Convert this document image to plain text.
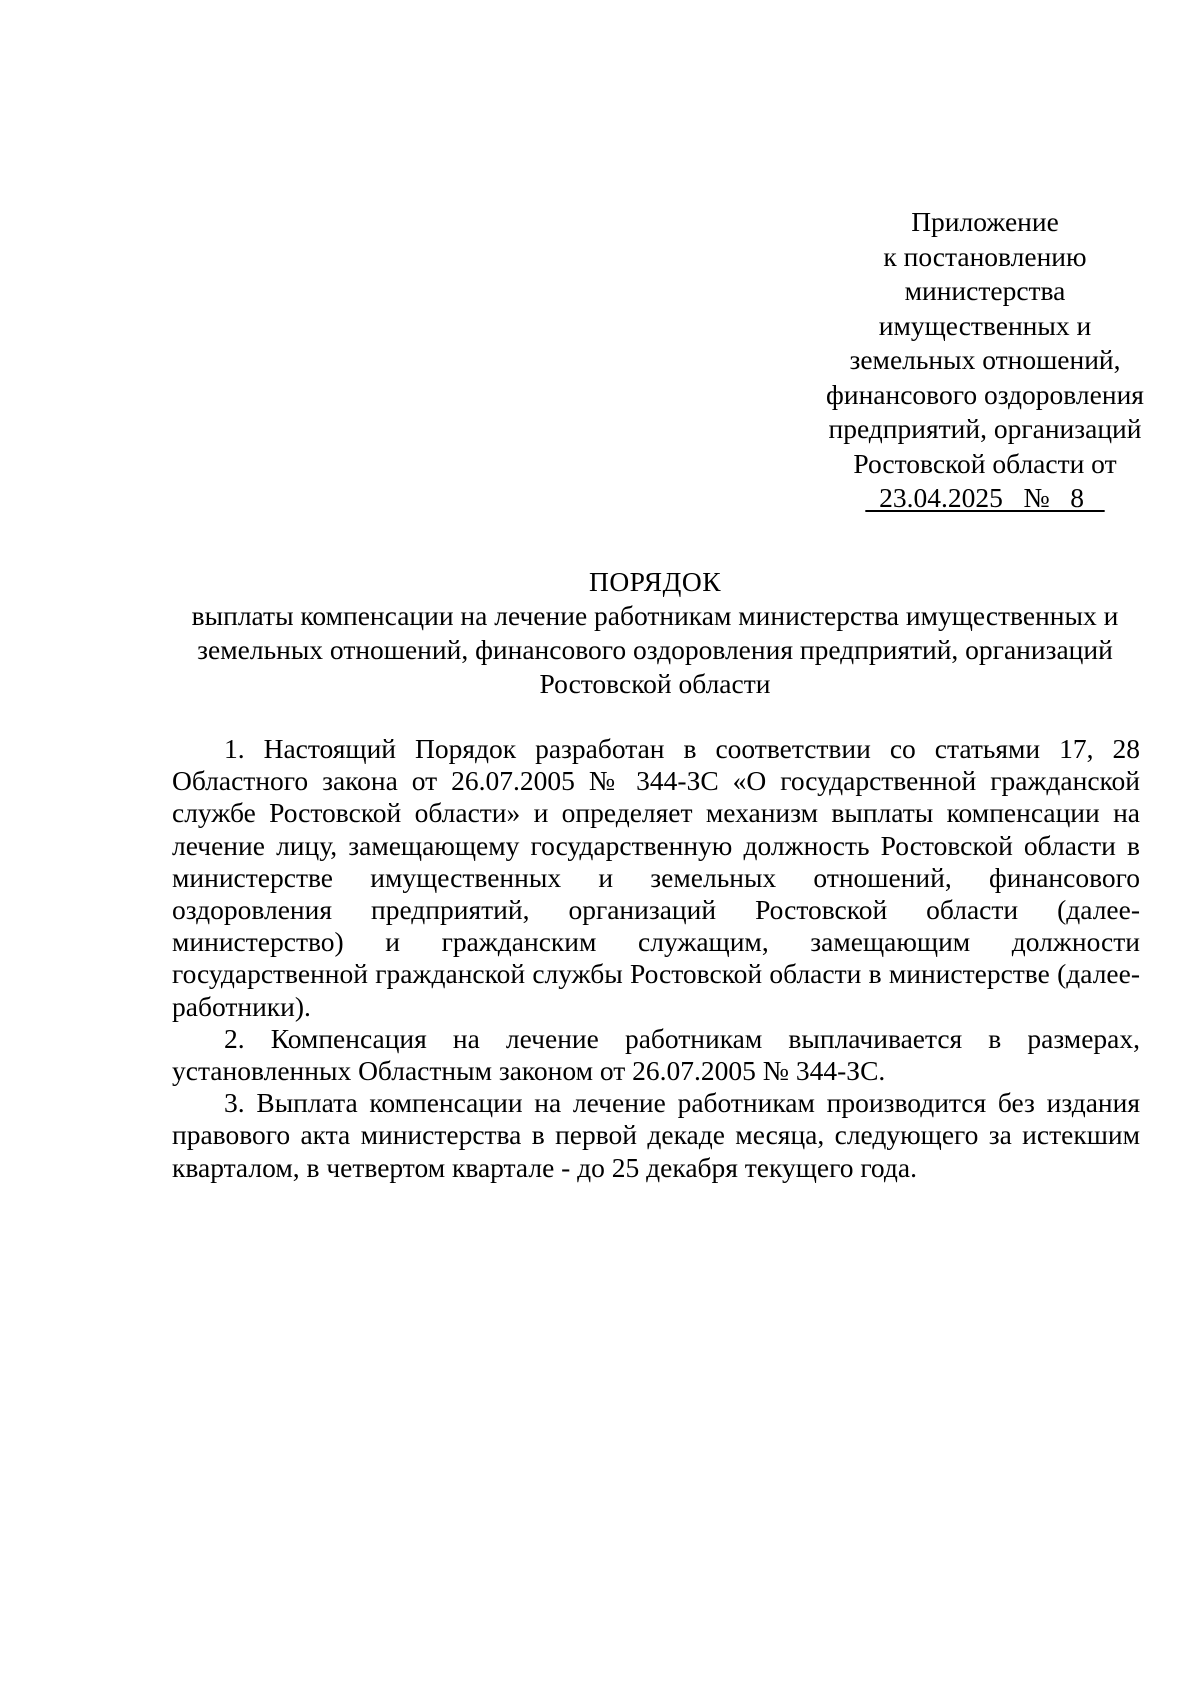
Приложение
к постановлению
министерства
имущественных и
земельных отношений,
финансового оздоровления
предприятий, организаций
Ростовской области от
23.04.2025   №   8
ПОРЯДОК
выплаты компенсации на лечение работникам министерства имущественных и
земельных отношений, финансового оздоровления предприятий, организаций
Ростовской области

1. Настоящий Порядок разработан в соответствии со статьями 17, 28 Областного закона от 26.07.2005 № 344-ЗС «О государственной гражданской службе Ростовской области» и определяет механизм выплаты компенсации на лечение лицу, замещающему государственную должность Ростовской области в министерстве имущественных и земельных отношений, финансового оздоровления предприятий, организаций Ростовской области (далее-министерство) и гражданским служащим, замещающим должности государственной гражданской службы Ростовской области в министерстве (далее-работники).

2. Компенсация на лечение работникам выплачивается в размерах, установленных Областным законом от 26.07.2005 № 344-ЗС.

3. Выплата компенсации на лечение работникам производится без издания правового акта министерства в первой декаде месяца, следующего за истекшим кварталом, в четвертом квартале - до 25 декабря текущего года.
